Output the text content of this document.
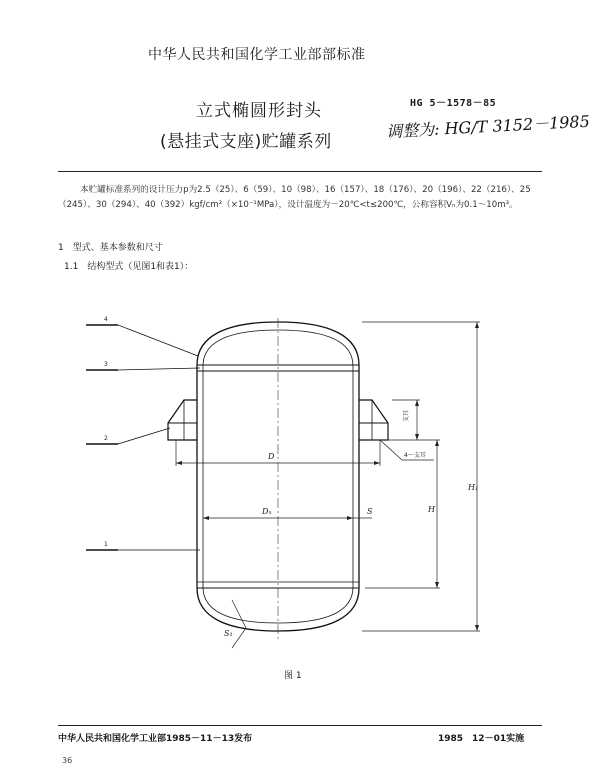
中华人民共和国化学工业部部标准
立式椭圆形封头
(悬挂式支座)贮罐系列
HG 5－1578－85
调整为: HG/T 3152－1985

本贮罐标准系列的设计压力p为2.5（25）、6（59）、10（98）、16（157）、18（176）、20（196）、22（216）、25（245）、30（294）、40（392）kgf/cm²（×10⁻¹MPa），设计温度为－20℃<t≤200℃，公称容积Vₙ为0.1～10m³。

1　型式、基本参数和尺寸
1.1　结构型式（见图1和表1）：
4
3
2
1
D
Dₙ	S	H
H₁
S₁
支耳
4～支耳
图 1
中华人民共和国化学工业部1985－11－13发布	1985　12－01实施
36
